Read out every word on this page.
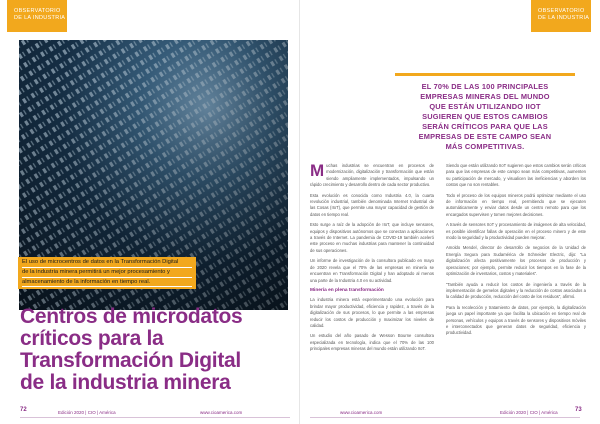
OBSERVATORIO
DE LA INDUSTRIA
OBSERVATORIO
DE LA INDUSTRIA
El uso de microcentros de datos en la Transformación Digital
de la industria minera permitirá un mejor procesamiento y
almacenamiento de la información en tiempo real.
Centros de microdatos
críticos para la
Transformación Digital
de la industria minera
EL 70% DE LAS 100 PRINCIPALES
EMPRESAS MINERAS DEL MUNDO
QUE ESTÁN UTILIZANDO IIOT
SUGIEREN QUE ESTOS CAMBIOS
SERÁN CRÍTICOS PARA QUE LAS
EMPRESAS DE ESTE CAMPO SEAN
MÁS COMPETITIVAS.

Muchas industrias se encuentran en procesos de modernización, digitalización y transformación que están siendo ampliamente implementados, impulsando un rápido crecimiento y desarrollo dentro de cada sector productivo.

Esta evolución es conocida como Industria 4.0, la cuarta revolución industrial, también denominada Internet Industrial de las Cosas (IIoT), que permite una mayor capacidad de gestión de datos en tiempo real.

Esto surge a raíz de la adopción de IIoT, que incluye sensores, equipos y dispositivos autónomos que se conectan a aplicaciones a través de Internet. La pandemia de COVID-19 también aceleró este proceso en muchas industrias para mantener la continuidad de sus operaciones.

Un informe de investigación de la consultora publicado en mayo de 2020 revela que el 70% de las empresas en minería se encuentran en Transformación Digital y han adoptado al menos una parte de la Industria 4.0 en su actividad.

Minería en plena transformación

La industria minera está experimentando una evolución para brindar mayor productividad, eficiencia y rapidez, a través de la digitalización de sus procesos, lo que permite a las empresas reducir los costos de producción y maximizar los niveles de calidad.

Un estudio del año pasado de Wesson Bourne consultora especializada en tecnología, indica que el 70% de las 100 principales empresas mineras del mundo están utilizando IIoT.

Siendo que están utilizando IIoT sugieren que estos cambios serán críticos para que las empresas de este campo sean más competitivas, aumenten su participación de mercado, y visualicen las ineficiencias y aborden los costos que no son rentables.

Todo el proceso de los equipos mineros podrá optimizar mediante el uso de información en tiempo real, permitiendo que se ejecuten automáticamente y enviar datos desde un centro remoto para que los encargados supervisen y tomen mejores decisiones.

A través de sensores IIoT y procesamiento de imágenes de alta velocidad, es posible identificar fallas de operación en el proceso minero y de este modo la seguridad y la productividad pueden mejorar.

Amoldo Mendel, director de desarrollo de negocios de la Unidad de Energía Segura para Sudamérica de Schneider Electric, dijo: “La digitalización afecta positivamente los procesos de producción y operaciones; por ejemplo, permite reducir los tiempos en la fase de la optimización de inventarios, costos y materiales”.

“También ayuda a reducir los costos de ingeniería a través de la implementación de gemelos digitales y la reducción de costos asociados a la calidad de producción, reducción del costo de los residuos”, afirmó.

Para la recolección y tratamiento de datos, por ejemplo, la digitalización juega un papel importante ya que facilita la ubicación en tiempo real de personas, vehículos y equipos a través de sensores y dispositivos móviles e interconectados que generan datos de seguridad, eficiencia y productividad.

72	Edición 2020 | CIO | América	www.cioamerica.com	www.cioamerica.com	Edición 2020 | CIO | América	73
